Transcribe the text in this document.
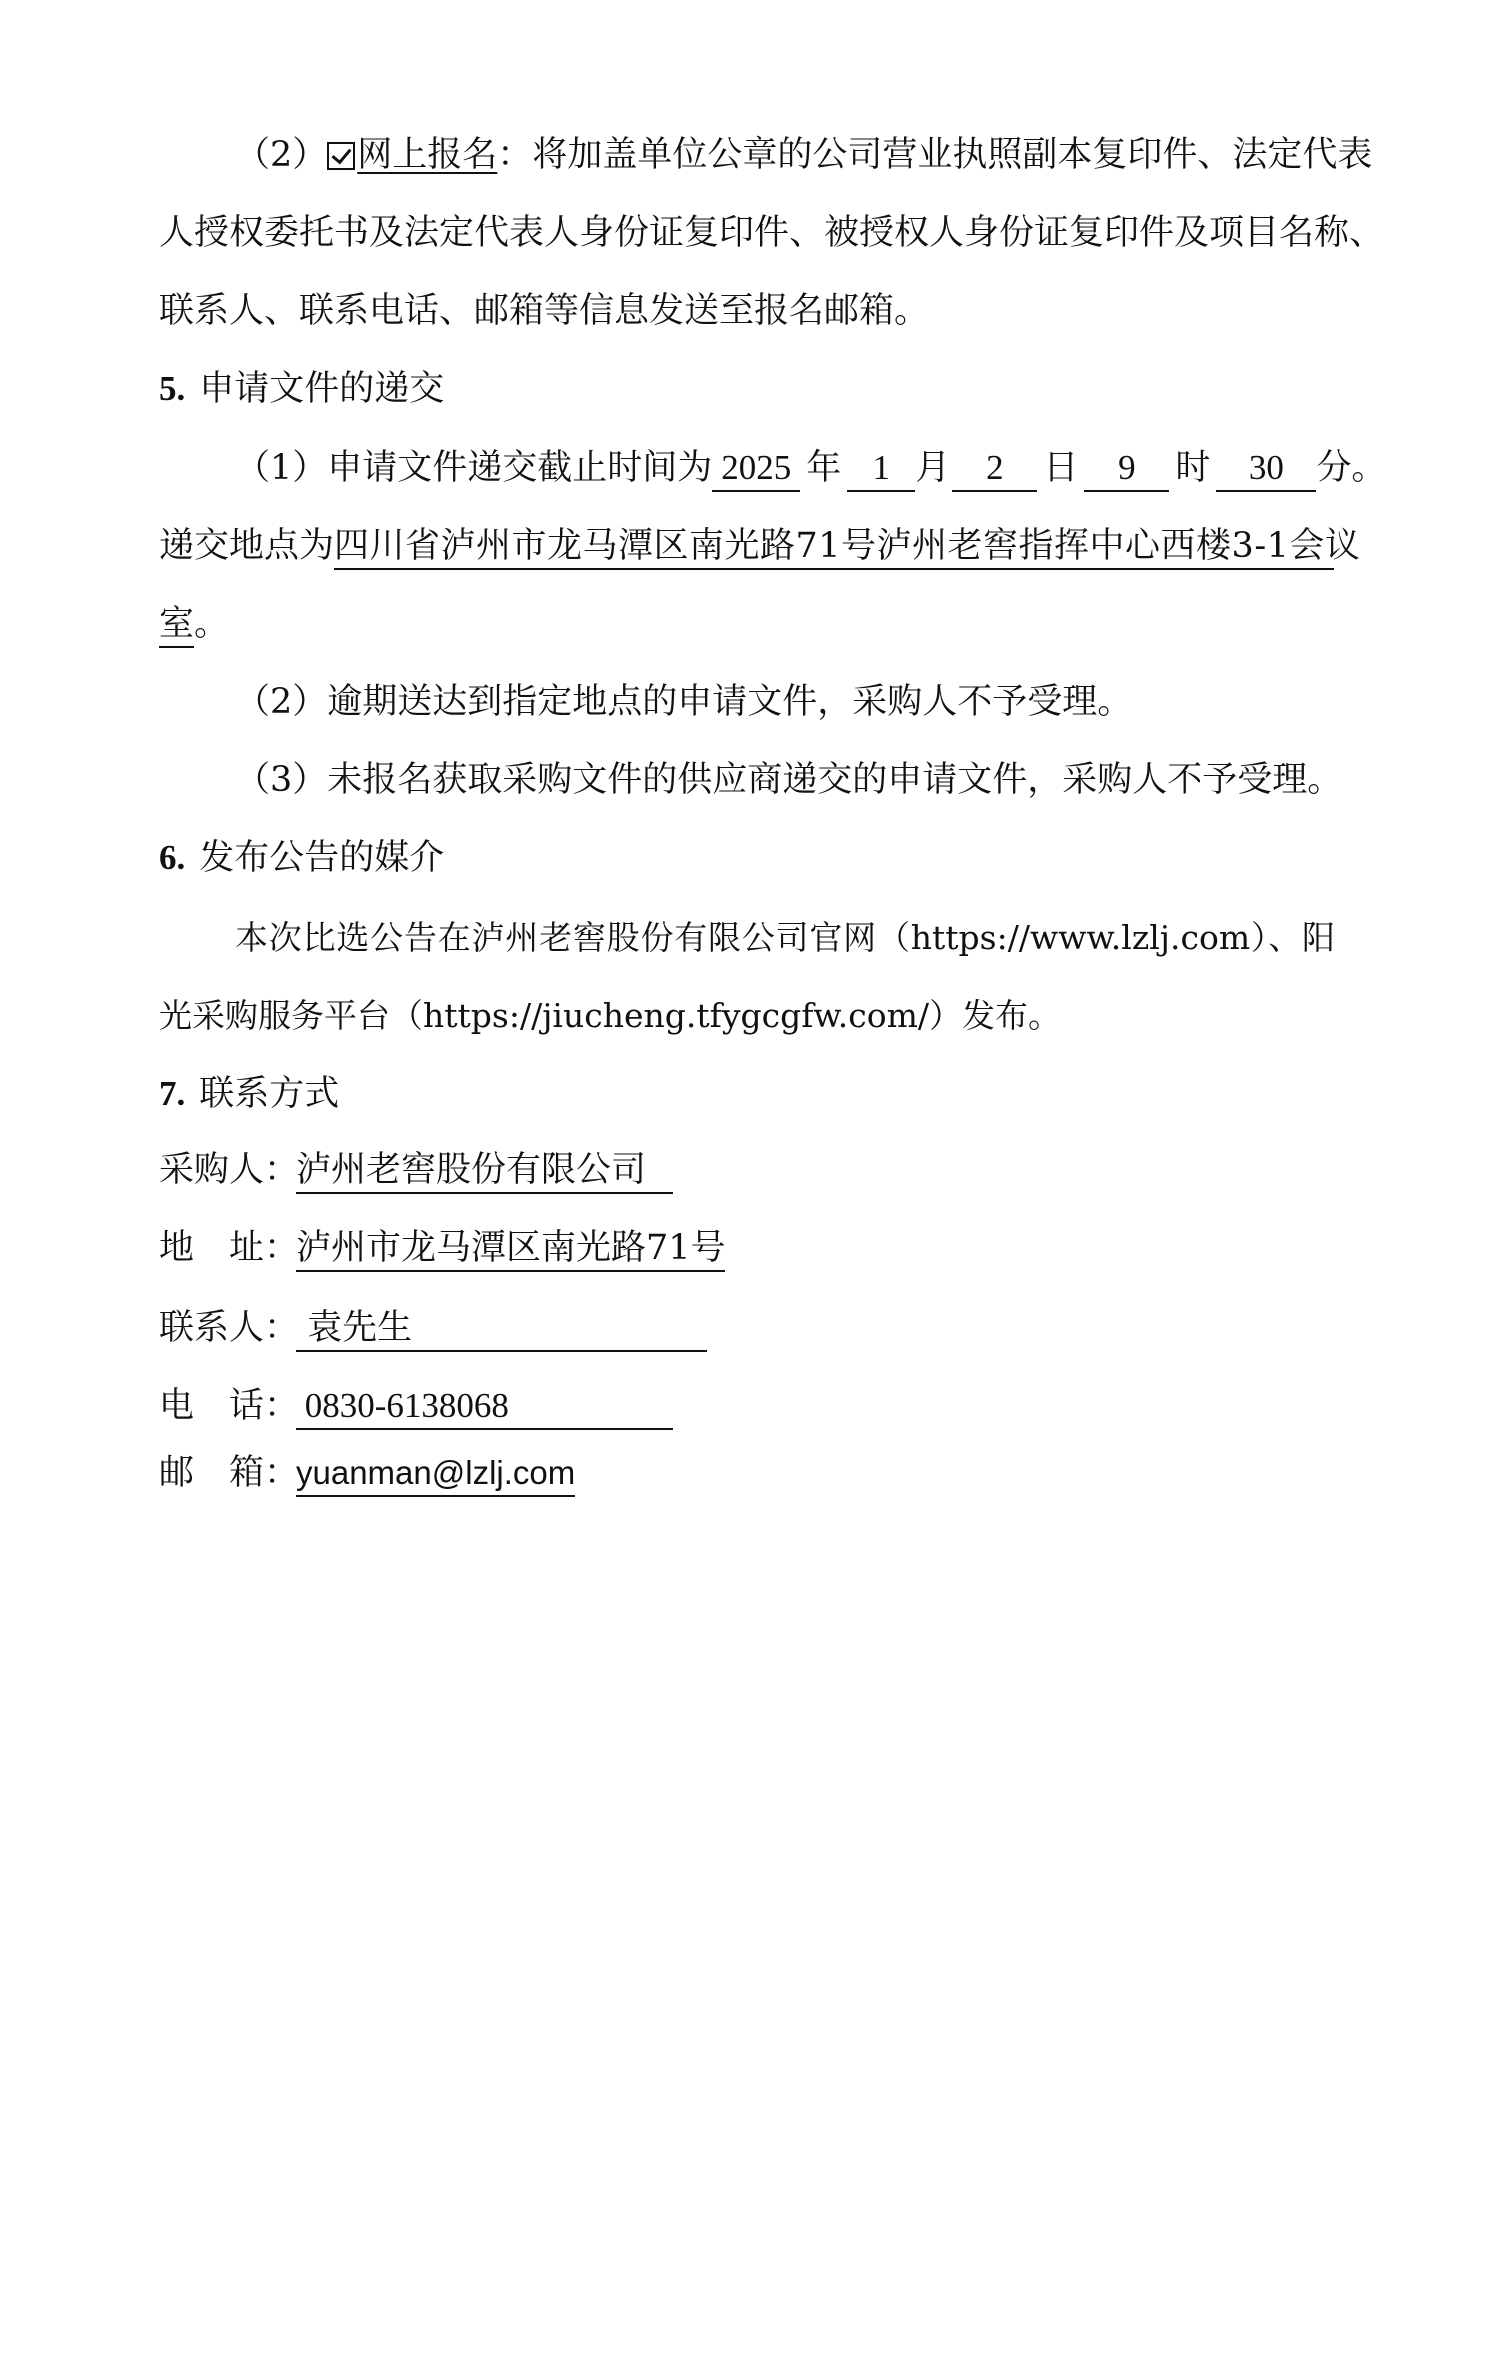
（2） 网上报名：将加盖单位公章的公司营业执照副本复印件、法定代表
人授权委托书及法定代表人身份证复印件、被授权人身份证复印件及项目名称、
联系人、联系电话、邮箱等信息发送至报名邮箱。
5. 申请文件的递交
（1）申请文件递交截止时间为 2025 年 1 月 2 日 9 时 30 分。
递交地点为四川省泸州市龙马潭区南光路71号泸州老窖指挥中心西楼3-1会议
室。
（2）逾期送达到指定地点的申请文件，采购人不予受理。
（3）未报名获取采购文件的供应商递交的申请文件，采购人不予受理。
6. 发布公告的媒介
本次比选公告在泸州老窖股份有限公司官网（https://www.lzlj.com）、阳
光采购服务平台（https://jiucheng.tfygcgfw.com/）发布。
7. 联系方式
采购人：泸州老窖股份有限公司
地　址：泸州市龙马潭区南光路71号
联系人： 袁先生
电　话： 0830-6138068
邮　箱：yuanman@lzlj.com
